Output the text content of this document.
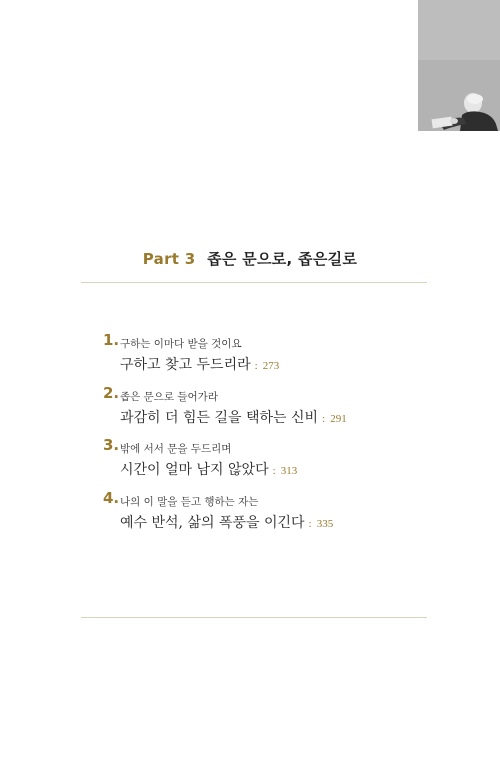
Part 3 좁은 문으로, 좁은길로
1. 구하는 이마다 받을 것이요
구하고 찾고 두드리라 : 273
2. 좁은 문으로 들어가라
과감히 더 힘든 길을 택하는 신비 : 291
3. 밖에 서서 문을 두드리며
시간이 얼마 남지 않았다 : 313
4. 나의 이 말을 듣고 행하는 자는
예수 반석, 삶의 폭풍을 이긴다 : 335
